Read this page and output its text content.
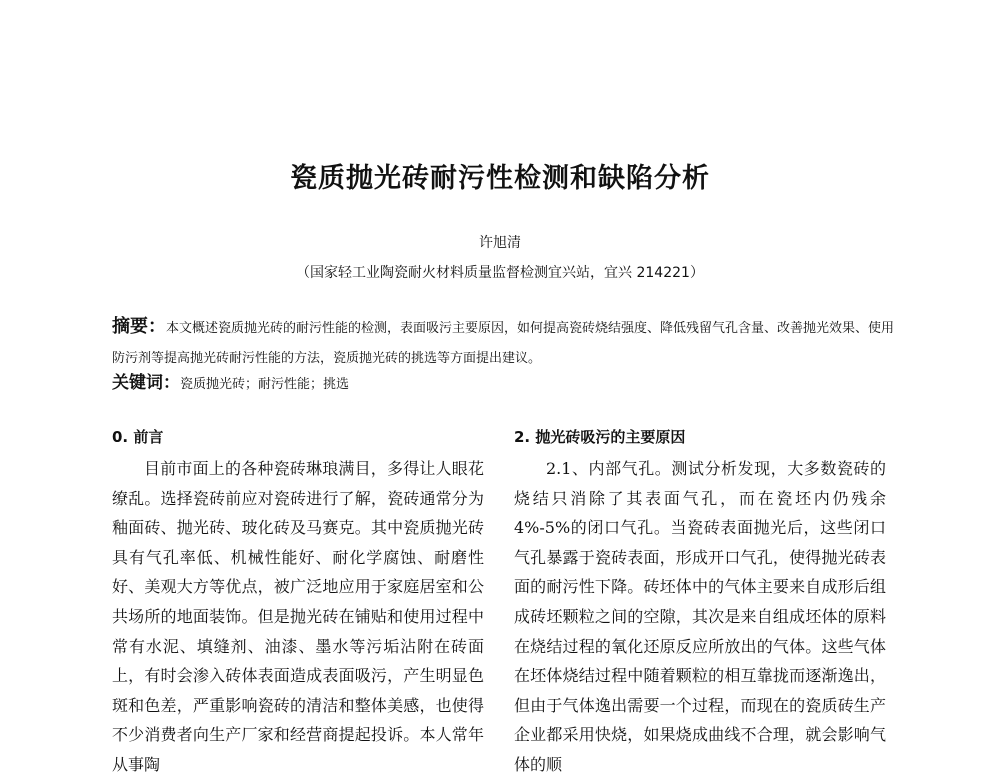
瓷质抛光砖耐污性检测和缺陷分析
许旭清
（国家轻工业陶瓷耐火材料质量监督检测宜兴站，宜兴 214221）
摘要：本文概述瓷质抛光砖的耐污性能的检测，表面吸污主要原因，如何提高瓷砖烧结强度、降低残留气孔含量、改善抛光效果、使用防污剂等提高抛光砖耐污性能的方法，瓷质抛光砖的挑选等方面提出建议。
关键词：瓷质抛光砖；耐污性能；挑选
0. 前言

目前市面上的各种瓷砖琳琅满目，多得让人眼花缭乱。选择瓷砖前应对瓷砖进行了解，瓷砖通常分为釉面砖、抛光砖、玻化砖及马赛克。其中瓷质抛光砖具有气孔率低、机械性能好、耐化学腐蚀、耐磨性好、美观大方等优点，被广泛地应用于家庭居室和公共场所的地面装饰。但是抛光砖在铺贴和使用过程中常有水泥、填缝剂、油漆、墨水等污垢沾附在砖面上，有时会渗入砖体表面造成表面吸污，产生明显色斑和色差，严重影响瓷砖的清洁和整体美感，也使得不少消费者向生产厂家和经营商提起投诉。本人常年从事陶

2. 抛光砖吸污的主要原因

2.1、内部气孔。测试分析发现，大多数瓷砖的烧结只消除了其表面气孔，而在瓷坯内仍残余 4%-5%的闭口气孔。当瓷砖表面抛光后，这些闭口气孔暴露于瓷砖表面，形成开口气孔，使得抛光砖表面的耐污性下降。砖坯体中的气体主要来自成形后组成砖坯颗粒之间的空隙，其次是来自组成坯体的原料在烧结过程的氧化还原反应所放出的气体。这些气体在坯体烧结过程中随着颗粒的相互靠拢而逐渐逸出，但由于气体逸出需要一个过程，而现在的瓷质砖生产企业都采用快烧，如果烧成曲线不合理，就会影响气体的顺
